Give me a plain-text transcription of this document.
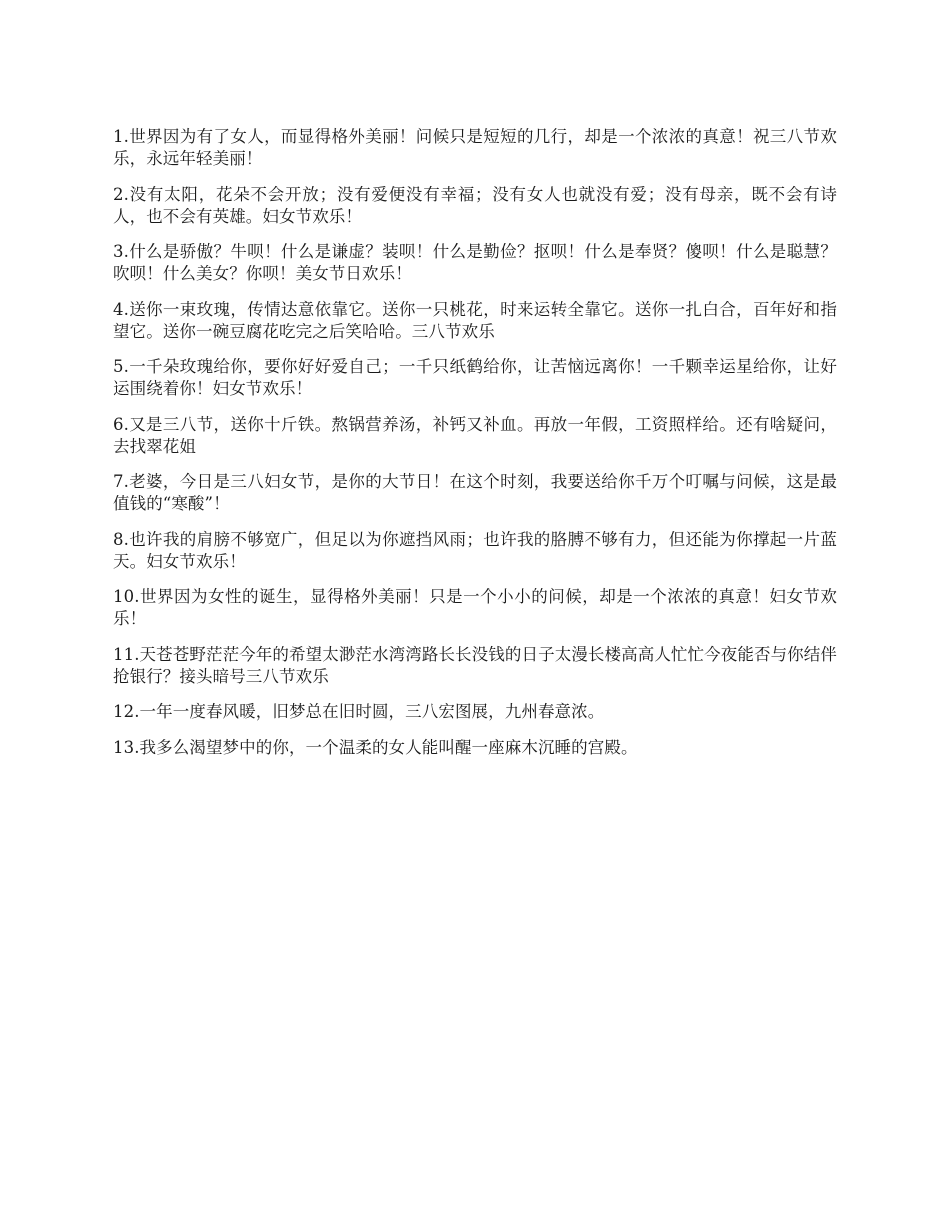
1.世界因为有了女人，而显得格外美丽！问候只是短短的几行，却是一个浓浓的真意！祝三八节欢乐，永远年轻美丽！

2.没有太阳，花朵不会开放；没有爱便没有幸福；没有女人也就没有爱；没有母亲，既不会有诗人，也不会有英雄。妇女节欢乐！

3.什么是骄傲？牛呗！什么是谦虚？装呗！什么是勤俭？抠呗！什么是奉贤？傻呗！什么是聪慧？吹呗！什么美女？你呗！美女节日欢乐！

4.送你一束玫瑰，传情达意依靠它。送你一只桃花，时来运转全靠它。送你一扎白合，百年好和指望它。送你一碗豆腐花吃完之后笑哈哈。三八节欢乐

5.一千朵玫瑰给你，要你好好爱自己；一千只纸鹤给你，让苦恼远离你！一千颗幸运星给你，让好运围绕着你！妇女节欢乐！

6.又是三八节，送你十斤铁。熬锅营养汤，补钙又补血。再放一年假，工资照样给。还有啥疑问，去找翠花姐

7.老婆，今日是三八妇女节，是你的大节日！在这个时刻，我要送给你千万个叮嘱与问候，这是最值钱的“寒酸”！

8.也许我的肩膀不够宽广，但足以为你遮挡风雨；也许我的胳膊不够有力，但还能为你撑起一片蓝天。妇女节欢乐！

10.世界因为女性的诞生，显得格外美丽！只是一个小小的问候，却是一个浓浓的真意！妇女节欢乐！

11.天苍苍野茫茫今年的希望太渺茫水湾湾路长长没钱的日子太漫长楼高高人忙忙今夜能否与你结伴抢银行？接头暗号三八节欢乐

12.一年一度春风暖，旧梦总在旧时圆，三八宏图展，九州春意浓。

13.我多么渴望梦中的你，一个温柔的女人能叫醒一座麻木沉睡的宫殿。
